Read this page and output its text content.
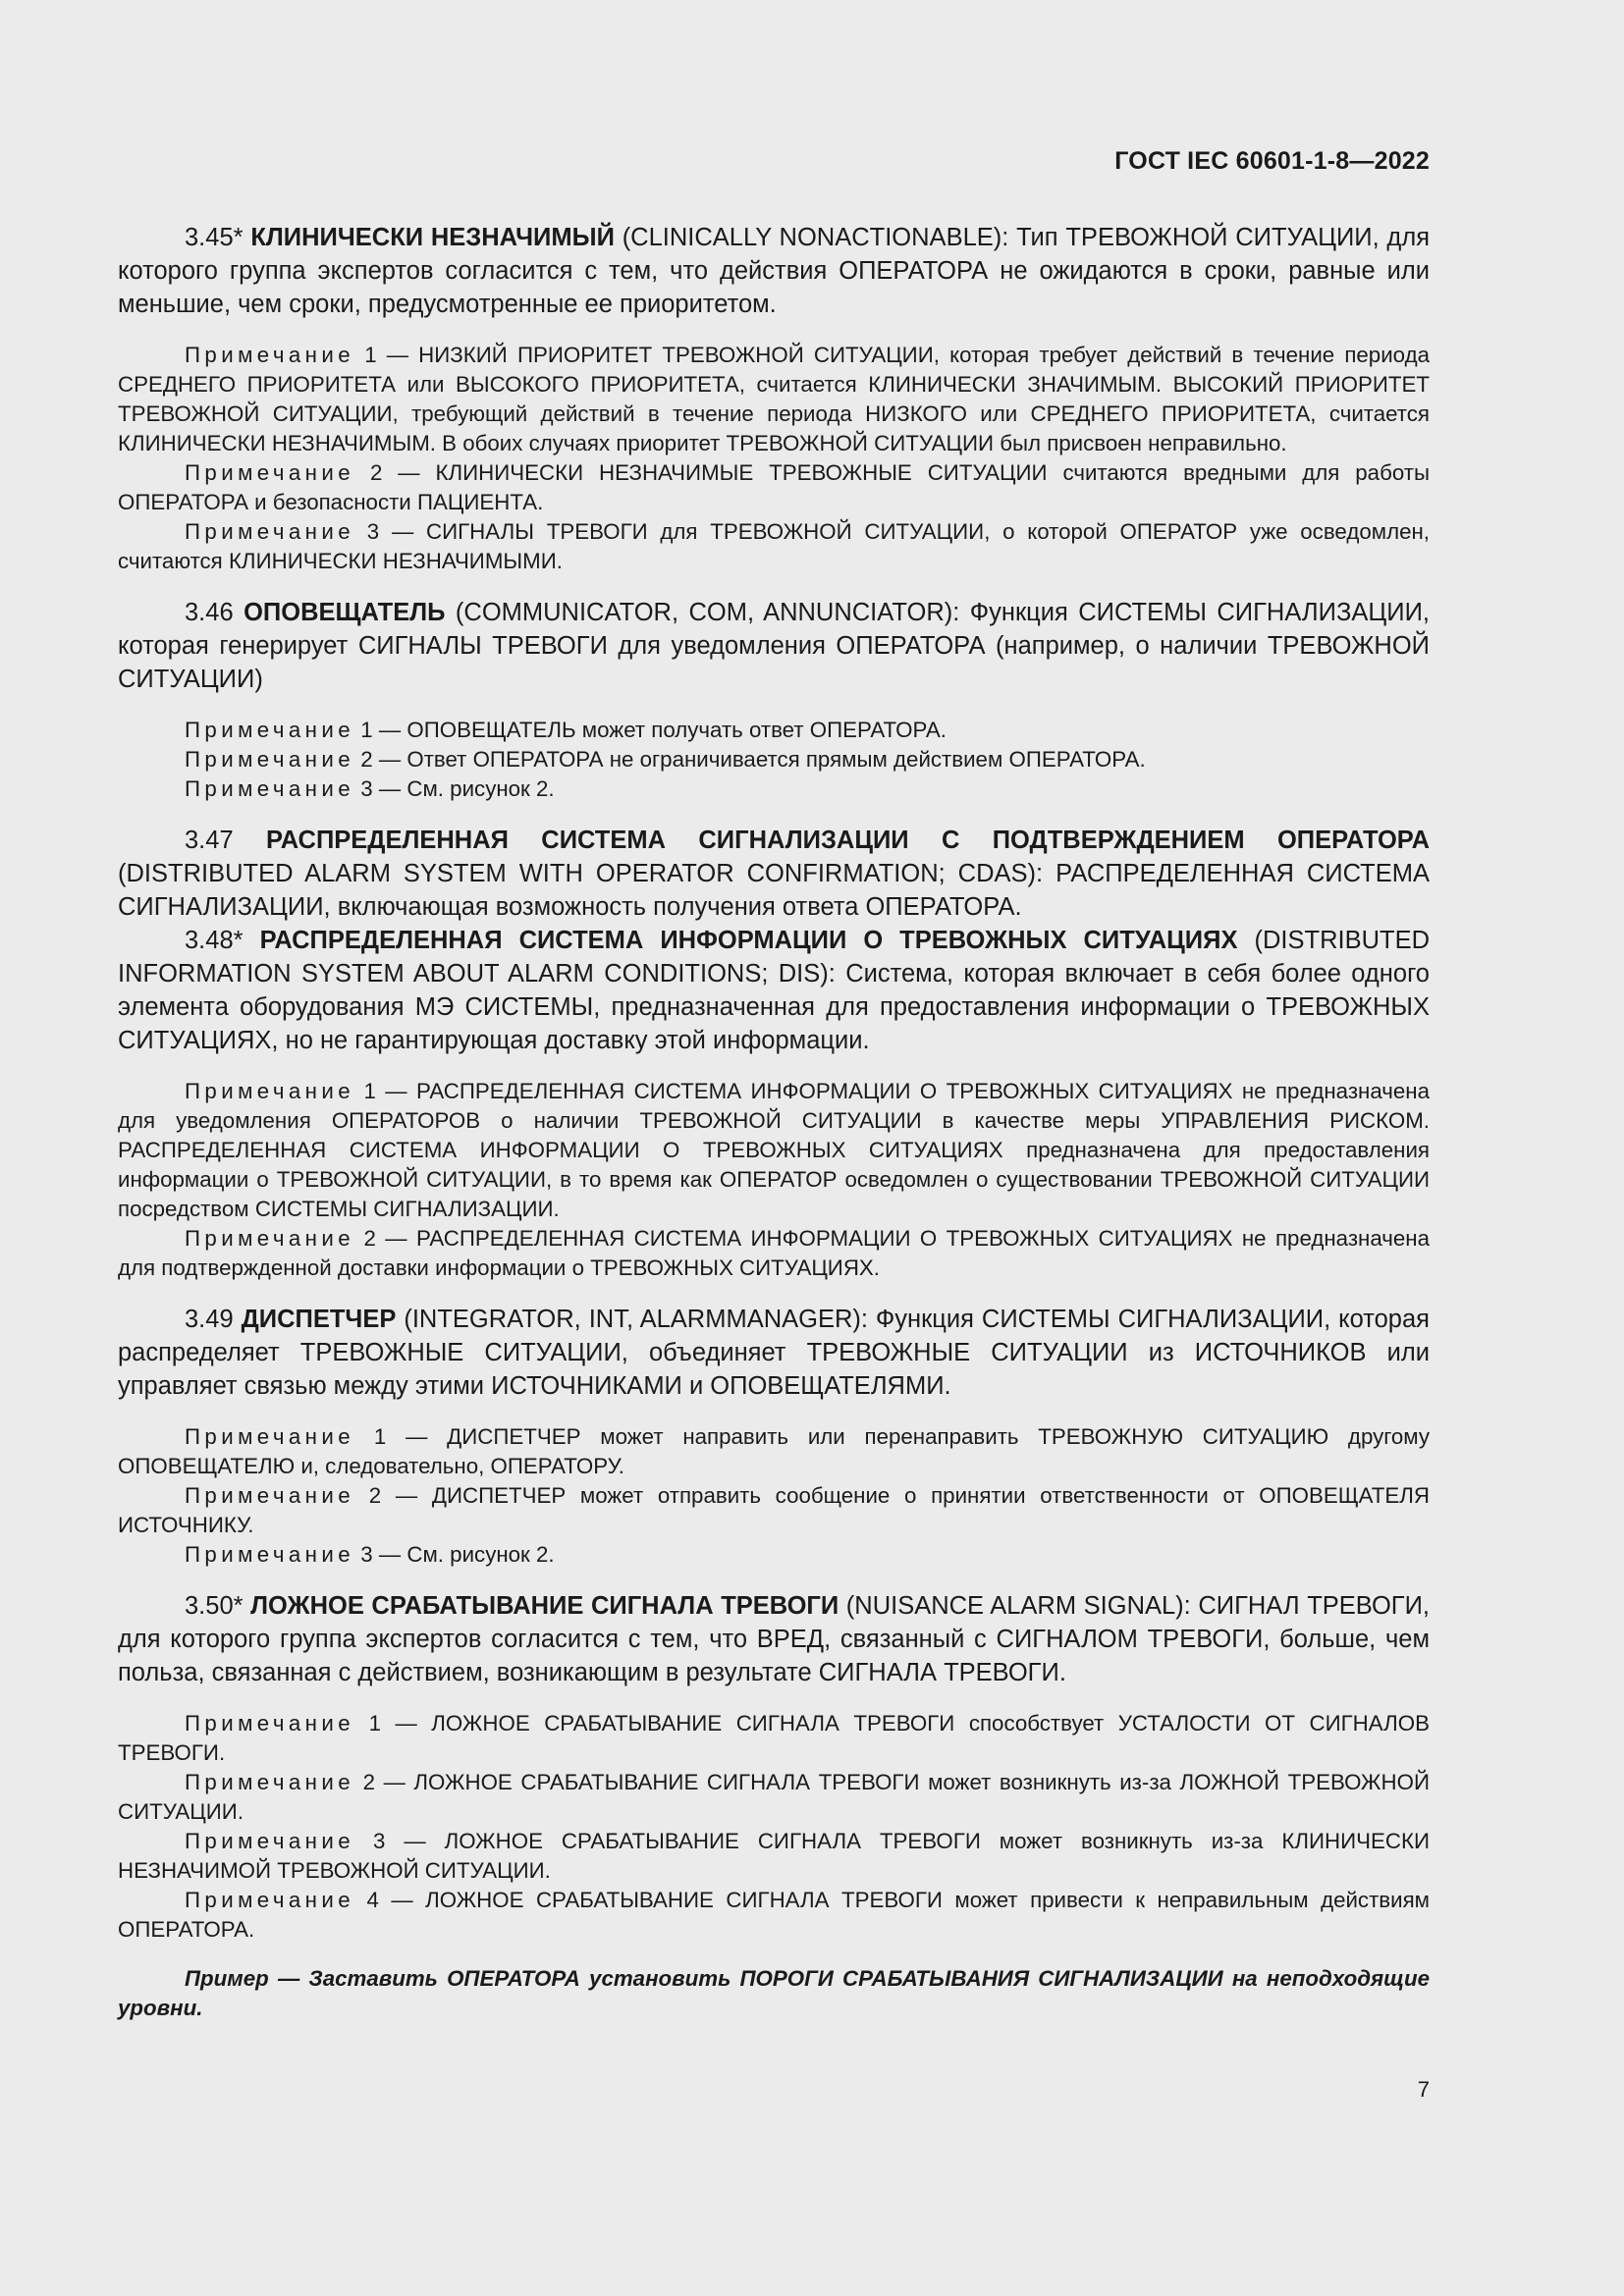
ГОСТ IEC 60601-1-8—2022

3.45* КЛИНИЧЕСКИ НЕЗНАЧИМЫЙ (CLINICALLY NONACTIONABLE): Тип ТРЕВОЖНОЙ СИТУАЦИИ, для которого группа экспертов согласится с тем, что действия ОПЕРАТОРА не ожидаются в сроки, равные или меньшие, чем сроки, предусмотренные ее приоритетом.

Примечание 1 — НИЗКИЙ ПРИОРИТЕТ ТРЕВОЖНОЙ СИТУАЦИИ, которая требует действий в течение периода СРЕДНЕГО ПРИОРИТЕТА или ВЫСОКОГО ПРИОРИТЕТА, считается КЛИНИЧЕСКИ ЗНАЧИМЫМ. ВЫСОКИЙ ПРИОРИТЕТ ТРЕВОЖНОЙ СИТУАЦИИ, требующий действий в течение периода НИЗКОГО или СРЕДНЕГО ПРИОРИТЕТА, считается КЛИНИЧЕСКИ НЕЗНАЧИМЫМ. В обоих случаях приоритет ТРЕВОЖНОЙ СИТУАЦИИ был присвоен неправильно.

Примечание 2 — КЛИНИЧЕСКИ НЕЗНАЧИМЫЕ ТРЕВОЖНЫЕ СИТУАЦИИ считаются вредными для работы ОПЕРАТОРА и безопасности ПАЦИЕНТА.

Примечание 3 — СИГНАЛЫ ТРЕВОГИ для ТРЕВОЖНОЙ СИТУАЦИИ, о которой ОПЕРАТОР уже осведомлен, считаются КЛИНИЧЕСКИ НЕЗНАЧИМЫМИ.

3.46 ОПОВЕЩАТЕЛЬ (COMMUNICATOR, COM, ANNUNCIATOR): Функция СИСТЕМЫ СИГНАЛИЗАЦИИ, которая генерирует СИГНАЛЫ ТРЕВОГИ для уведомления ОПЕРАТОРА (например, о наличии ТРЕВОЖНОЙ СИТУАЦИИ)

Примечание 1 — ОПОВЕЩАТЕЛЬ может получать ответ ОПЕРАТОРА.

Примечание 2 — Ответ ОПЕРАТОРА не ограничивается прямым действием ОПЕРАТОРА.

Примечание 3 — См. рисунок 2.

3.47 РАСПРЕДЕЛЕННАЯ СИСТЕМА СИГНАЛИЗАЦИИ С ПОДТВЕРЖДЕНИЕМ ОПЕРАТОРА (DISTRIBUTED ALARM SYSTEM WITH OPERATOR CONFIRMATION; CDAS): РАСПРЕДЕЛЕННАЯ СИСТЕМА СИГНАЛИЗАЦИИ, включающая возможность получения ответа ОПЕРАТОРА.

3.48* РАСПРЕДЕЛЕННАЯ СИСТЕМА ИНФОРМАЦИИ О ТРЕВОЖНЫХ СИТУАЦИЯХ (DISTRIBUTED INFORMATION SYSTEM ABOUT ALARM CONDITIONS; DIS): Система, которая включает в себя более одного элемента оборудования МЭ СИСТЕМЫ, предназначенная для предоставления информации о ТРЕВОЖНЫХ СИТУАЦИЯХ, но не гарантирующая доставку этой информации.

Примечание 1 — РАСПРЕДЕЛЕННАЯ СИСТЕМА ИНФОРМАЦИИ О ТРЕВОЖНЫХ СИТУАЦИЯХ не предназначена для уведомления ОПЕРАТОРОВ о наличии ТРЕВОЖНОЙ СИТУАЦИИ в качестве меры УПРАВЛЕНИЯ РИСКОМ. РАСПРЕДЕЛЕННАЯ СИСТЕМА ИНФОРМАЦИИ О ТРЕВОЖНЫХ СИТУАЦИЯХ предназначена для предоставления информации о ТРЕВОЖНОЙ СИТУАЦИИ, в то время как ОПЕРАТОР осведомлен о существовании ТРЕВОЖНОЙ СИТУАЦИИ посредством СИСТЕМЫ СИГНАЛИЗАЦИИ.

Примечание 2 — РАСПРЕДЕЛЕННАЯ СИСТЕМА ИНФОРМАЦИИ О ТРЕВОЖНЫХ СИТУАЦИЯХ не предназначена для подтвержденной доставки информации о ТРЕВОЖНЫХ СИТУАЦИЯХ.

3.49 ДИСПЕТЧЕР (INTEGRATOR, INT, ALARMMANAGER): Функция СИСТЕМЫ СИГНАЛИЗАЦИИ, которая распределяет ТРЕВОЖНЫЕ СИТУАЦИИ, объединяет ТРЕВОЖНЫЕ СИТУАЦИИ из ИСТОЧНИКОВ или управляет связью между этими ИСТОЧНИКАМИ и ОПОВЕЩАТЕЛЯМИ.

Примечание 1 — ДИСПЕТЧЕР может направить или перенаправить ТРЕВОЖНУЮ СИТУАЦИЮ другому ОПОВЕЩАТЕЛЮ и, следовательно, ОПЕРАТОРУ.

Примечание 2 — ДИСПЕТЧЕР может отправить сообщение о принятии ответственности от ОПОВЕЩАТЕЛЯ ИСТОЧНИКУ.

Примечание 3 — См. рисунок 2.

3.50* ЛОЖНОЕ СРАБАТЫВАНИЕ СИГНАЛА ТРЕВОГИ (NUISANCE ALARM SIGNAL): СИГНАЛ ТРЕВОГИ, для которого группа экспертов согласится с тем, что ВРЕД, связанный с СИГНАЛОМ ТРЕВОГИ, больше, чем польза, связанная с действием, возникающим в результате СИГНАЛА ТРЕВОГИ.

Примечание 1 — ЛОЖНОЕ СРАБАТЫВАНИЕ СИГНАЛА ТРЕВОГИ способствует УСТАЛОСТИ ОТ СИГНАЛОВ ТРЕВОГИ.

Примечание 2 — ЛОЖНОЕ СРАБАТЫВАНИЕ СИГНАЛА ТРЕВОГИ может возникнуть из-за ЛОЖНОЙ ТРЕВОЖНОЙ СИТУАЦИИ.

Примечание 3 — ЛОЖНОЕ СРАБАТЫВАНИЕ СИГНАЛА ТРЕВОГИ может возникнуть из-за КЛИНИЧЕСКИ НЕЗНАЧИМОЙ ТРЕВОЖНОЙ СИТУАЦИИ.

Примечание 4 — ЛОЖНОЕ СРАБАТЫВАНИЕ СИГНАЛА ТРЕВОГИ может привести к неправильным действиям ОПЕРАТОРА.

Пример — Заставить ОПЕРАТОРА установить ПОРОГИ СРАБАТЫВАНИЯ СИГНАЛИЗАЦИИ на неподходящие уровни.

7
